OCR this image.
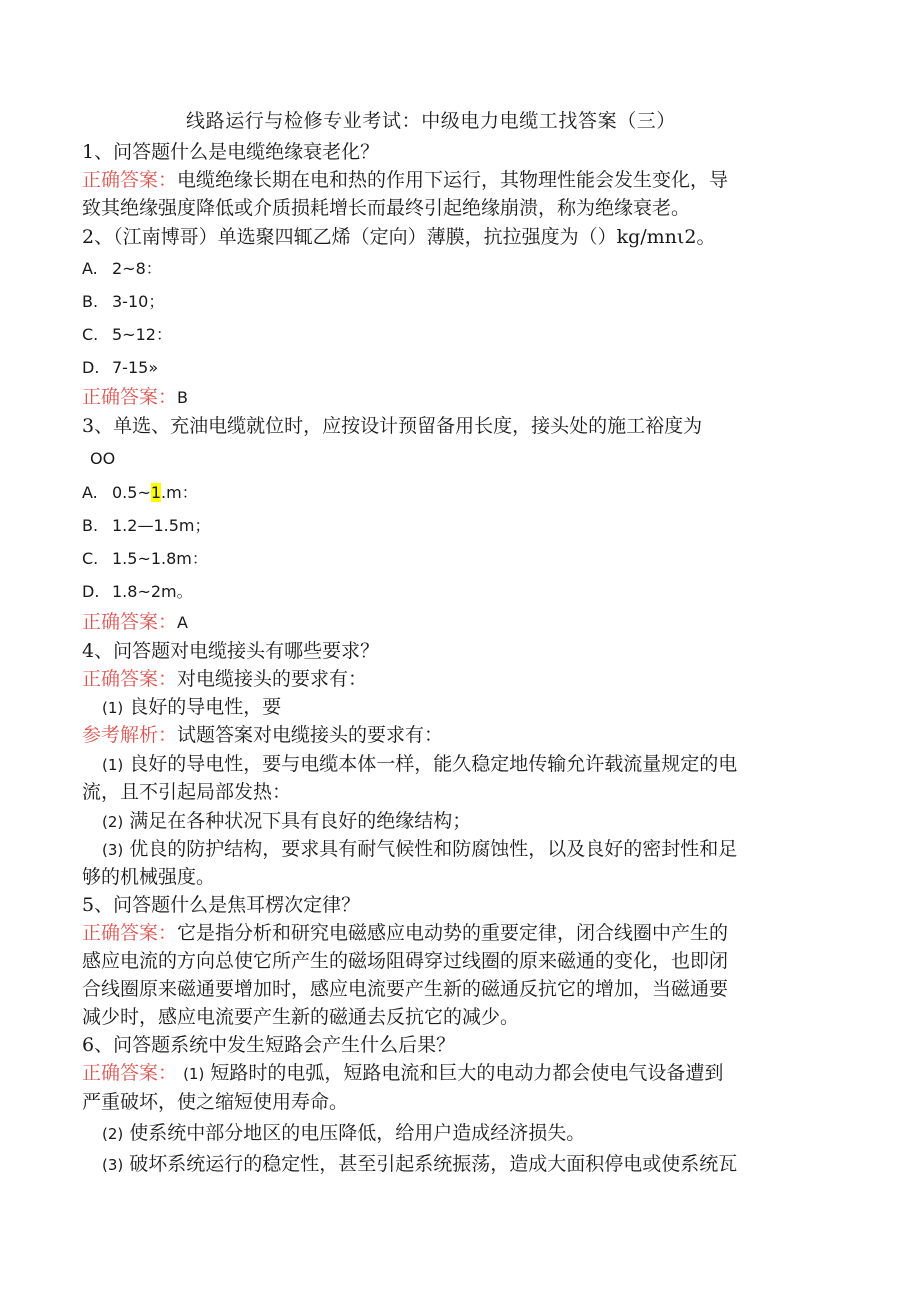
线路运行与检修专业考试：中级电力电缆工找答案（三）
1、问答题什么是电缆绝缘衰老化？
正确答案：电缆绝缘长期在电和热的作用下运行，其物理性能会发生变化，导
致其绝缘强度降低或介质损耗增长而最终引起绝缘崩溃，称为绝缘衰老。
2、（江南博哥）单选聚四辄乙烯（定向）薄膜，抗拉强度为（）kg∕mnι2。
A. 2~8：
B. 3-10；
C. 5~12：
D. 7-15»
正确答案：B
3、单选、充油电缆就位时，应按设计预留备用长度，接头处的施工裕度为
OO
A. 0.5~1.m：
B. 1.2—1.5m；
C. 1.5~1.8m：
D. 1.8~2m。
正确答案：A
4、问答题对电缆接头有哪些要求？
正确答案：对电缆接头的要求有：
(1) 良好的导电性，要
参考解析：试题答案对电缆接头的要求有：
(1) 良好的导电性，要与电缆本体一样，能久稳定地传输允许载流量规定的电
流，且不引起局部发热：
(2) 满足在各种状况下具有良好的绝缘结构；
(3) 优良的防护结构，要求具有耐气候性和防腐蚀性，以及良好的密封性和足
够的机械强度。
5、问答题什么是焦耳楞次定律？
正确答案：它是指分析和研究电磁感应电动势的重要定律，闭合线圈中产生的
感应电流的方向总使它所产生的磁场阻碍穿过线圈的原来磁通的变化，也即闭
合线圈原来磁通要增加时，感应电流要产生新的磁通反抗它的增加，当磁通要
减少时，感应电流要产生新的磁通去反抗它的减少。
6、问答题系统中发生短路会产生什么后果？
正确答案： (1) 短路时的电弧，短路电流和巨大的电动力都会使电气设备遭到
严重破坏，使之缩短使用寿命。
(2) 使系统中部分地区的电压降低，给用户造成经济损失。
(3) 破坏系统运行的稳定性，甚至引起系统振荡，造成大面积停电或使系统瓦
